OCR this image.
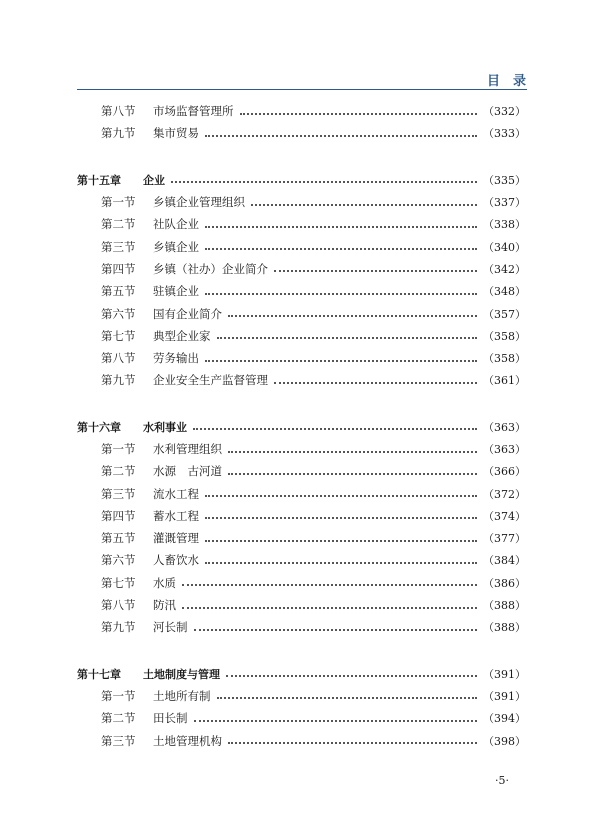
目　录
第八节	市场监督管理所	（332）
第九节	集市贸易	（333）
第十五章	企业	（335）
第一节	乡镇企业管理组织	（337）
第二节	社队企业	（338）
第三节	乡镇企业	（340）
第四节	乡镇（社办）企业简介	（342）
第五节	驻镇企业	（348）
第六节	国有企业简介	（357）
第七节	典型企业家	（358）
第八节	劳务输出	（358）
第九节	企业安全生产监督管理	（361）
第十六章	水利事业	（363）
第一节	水利管理组织	（363）
第二节	水源　古河道	（366）
第三节	流水工程	（372）
第四节	蓄水工程	（374）
第五节	灌溉管理	（377）
第六节	人畜饮水	（384）
第七节	水质	（386）
第八节	防汛	（388）
第九节	河长制	（388）
第十七章	土地制度与管理	（391）
第一节	土地所有制	（391）
第二节	田长制	（394）
第三节	土地管理机构	（398）
·5·
